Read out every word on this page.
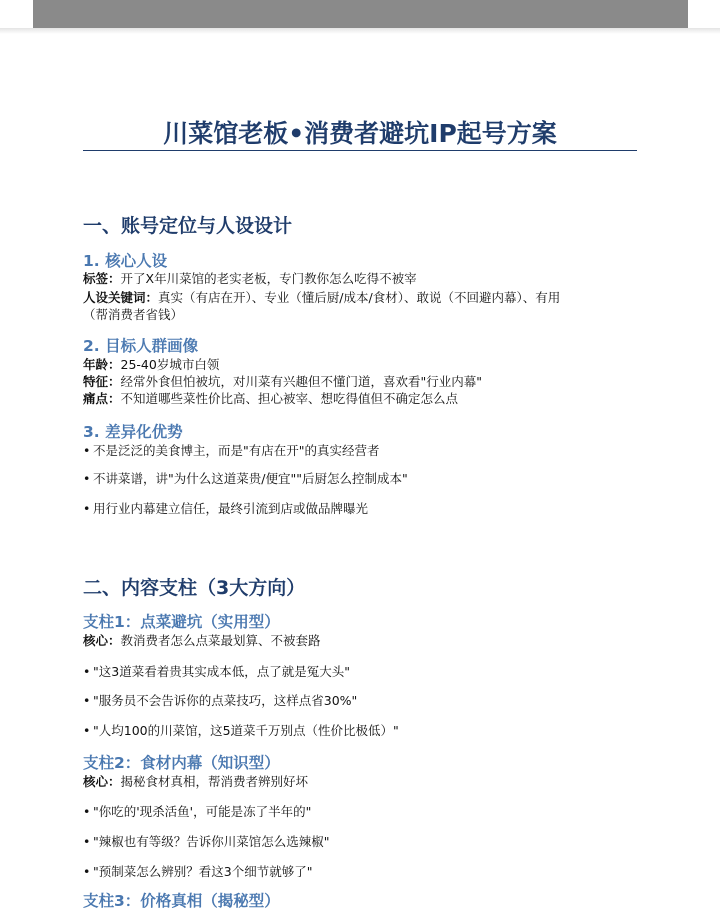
川菜馆老板•消费者避坑IP起号方案
一、账号定位与人设设计
1. 核心人设

标签：开了X年川菜馆的老实老板，专门教你怎么吃得不被宰

人设关键词：真实（有店在开）、专业（懂后厨/成本/食材）、敢说（不回避内幕）、有用

（帮消费者省钱）

2. 目标人群画像

年龄：25-40岁城市白领

特征：经常外食但怕被坑，对川菜有兴趣但不懂门道，喜欢看"行业内幕"

痛点：不知道哪些菜性价比高、担心被宰、想吃得值但不确定怎么点

3. 差异化优势

• 不是泛泛的美食博主，而是"有店在开"的真实经营者

• 不讲菜谱，讲"为什么这道菜贵/便宜""后厨怎么控制成本"

• 用行业内幕建立信任，最终引流到店或做品牌曝光

二、内容支柱（3大方向）
支柱1：点菜避坑（实用型）

核心：教消费者怎么点菜最划算、不被套路

• "这3道菜看着贵其实成本低，点了就是冤大头"

• "服务员不会告诉你的点菜技巧，这样点省30%"

• "人均100的川菜馆，这5道菜千万别点（性价比极低）"

支柱2：食材内幕（知识型）

核心：揭秘食材真相，帮消费者辨别好坏

• "你吃的'现杀活鱼'，可能是冻了半年的"

• "辣椒也有等级？告诉你川菜馆怎么选辣椒"

• "预制菜怎么辨别？看这3个细节就够了"

支柱3：价格真相（揭秘型）
